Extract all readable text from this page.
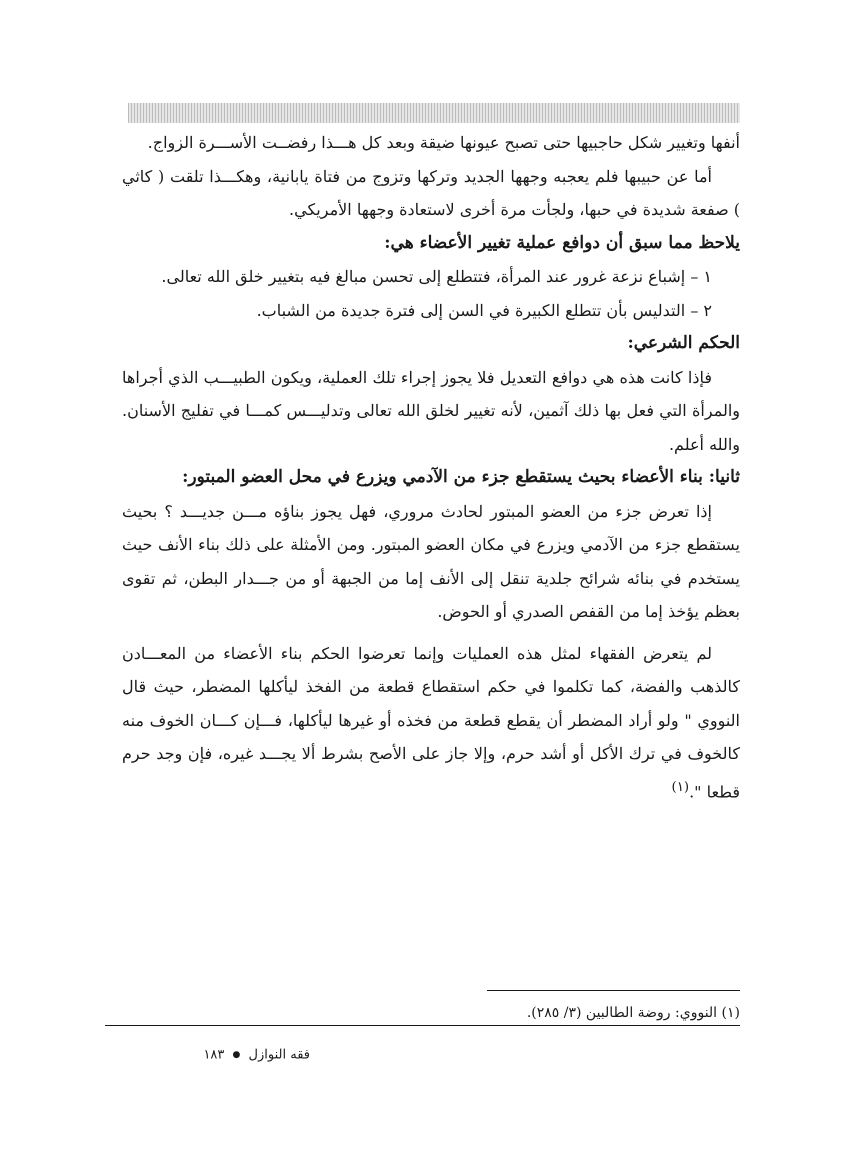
أنفها وتغيير شكل حاجبيها حتى تصبح عيونها ضيقة وبعد كل هـــذا رفضــت الأســـرة الزواج.

أما عن حبيبها فلم يعجبه وجهها الجديد وتركها وتزوج من فتاة يابانية، وهكـــذا تلقت ( كاثي ) صفعة شديدة في حبها، ولجأت مرة أخرى لاستعادة وجهها الأمريكي.

يلاحظ مما سبق أن دوافع عملية تغيير الأعضاء هي:

١ – إشباع نزعة غرور عند المرأة، فتتطلع إلى تحسن مبالغ فيه بتغيير خلق الله تعالى.

٢ – التدليس بأن تتطلع الكبيرة في السن إلى فترة جديدة من الشباب.

الحكم الشرعي:

فإذا كانت هذه هي دوافع التعديل فلا يجوز إجراء تلك العملية، ويكون الطبيـــب الذي أجراها والمرأة التي فعل بها ذلك آثمين، لأنه تغيير لخلق الله تعالى وتدليـــس كمـــا في تفليج الأسنان. والله أعلم.

ثانيا: بناء الأعضاء بحيث يستقطع جزء من الآدمي ويزرع في محل العضو المبتور:

إذا تعرض جزء من العضو المبتور لحادث مروري، فهل يجوز بناؤه مـــن جديـــد ؟ بحيث يستقطع جزء من الآدمي ويزرع في مكان العضو المبتور. ومن الأمثلة على ذلك بناء الأنف حيث يستخدم في بنائه شرائح جلدية تنقل إلى الأنف إما من الجبهة أو من جـــدار البطن، ثم تقوى بعظم يؤخذ إما من القفص الصدري أو الحوض.

لم يتعرض الفقهاء لمثل هذه العمليات وإنما تعرضوا الحكم بناء الأعضاء من المعـــادن كالذهب والفضة، كما تكلموا في حكم استقطاع قطعة من الفخذ ليأكلها المضطر، حيث قال النووي " ولو أراد المضطر أن يقطع قطعة من فخذه أو غيرها ليأكلها، فـــإن كـــان الخوف منه كالخوف في ترك الأكل أو أشد حرم، وإلا جاز على الأصح بشرط ألا يجـــد غيره، فإن وجد حرم قطعا ".$^{(١)}$

(١) النووي: روضة الطالبين (٣/ ٢٨٥).
فقه النوازل ● ١٨٣
